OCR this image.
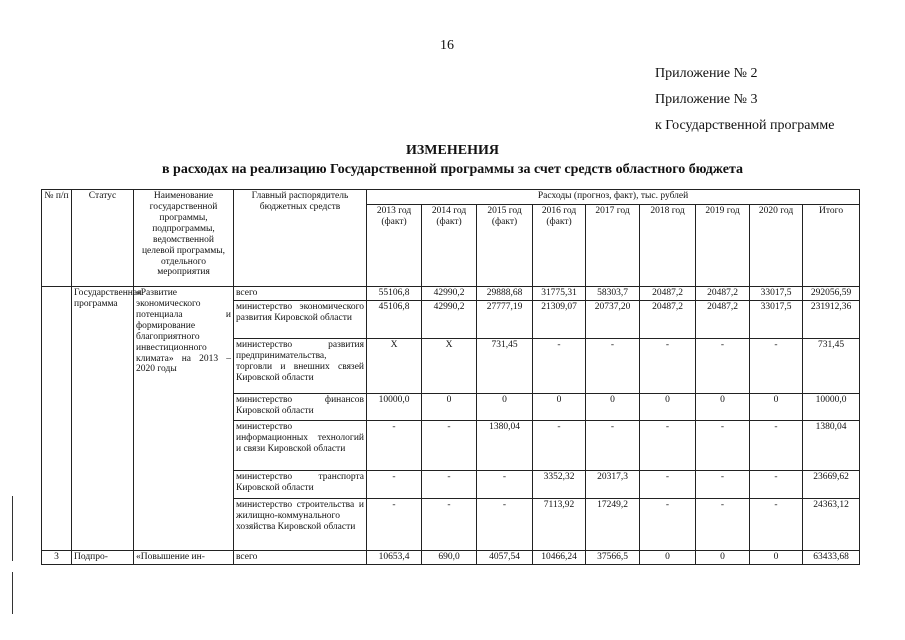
16
Приложение № 2
Приложение № 3
к Государственной программе
ИЗМЕНЕНИЯ
в расходах на реализацию Государственной программы за счет средств областного бюджета
№ п/п	Статус	Наименование государственной программы, подпрограммы, ведомственной целевой программы, отдельного мероприятия	Главный распорядитель бюджетных средств	Расходы (прогноз, факт), тыс. рублей								
				2013 год (факт)	2014 год (факт)	2015 год (факт)	2016 год (факт)	2017 год	2018 год	2019 год	2020 год	Итого
	Государственная программа	«Развитие экономического потенциала и формирование благоприятного инвестиционного климата» на 2013 – 2020 годы	всего	55106,8	42990,2	29888,68	31775,31	58303,7	20487,2	20487,2	33017,5	292056,59
			министерство экономического развития Кировской области	45106,8	42990,2	27777,19	21309,07	20737,20	20487,2	20487,2	33017,5	231912,36
			министерство развития предпринимательства, торговли и внешних связей Кировской области	X	X	731,45	-	-	-	-	-	731,45
			министерство финансов Кировской области	10000,0	0	0	0	0	0	0	0	10000,0
			министерство информационных технологий и связи Кировской области	-	-	1380,04	-	-	-	-	-	1380,04
			министерство транспорта Кировской области	-	-	-	3352,32	20317,3	-	-	-	23669,62
			министерство строительства и жилищно-коммунального хозяйства Кировской области	-	-	-	7113,92	17249,2	-	-	-	24363,12
3	Подпро-	«Повышение ин-	всего	10653,4	690,0	4057,54	10466,24	37566,5	0	0	0	63433,68
